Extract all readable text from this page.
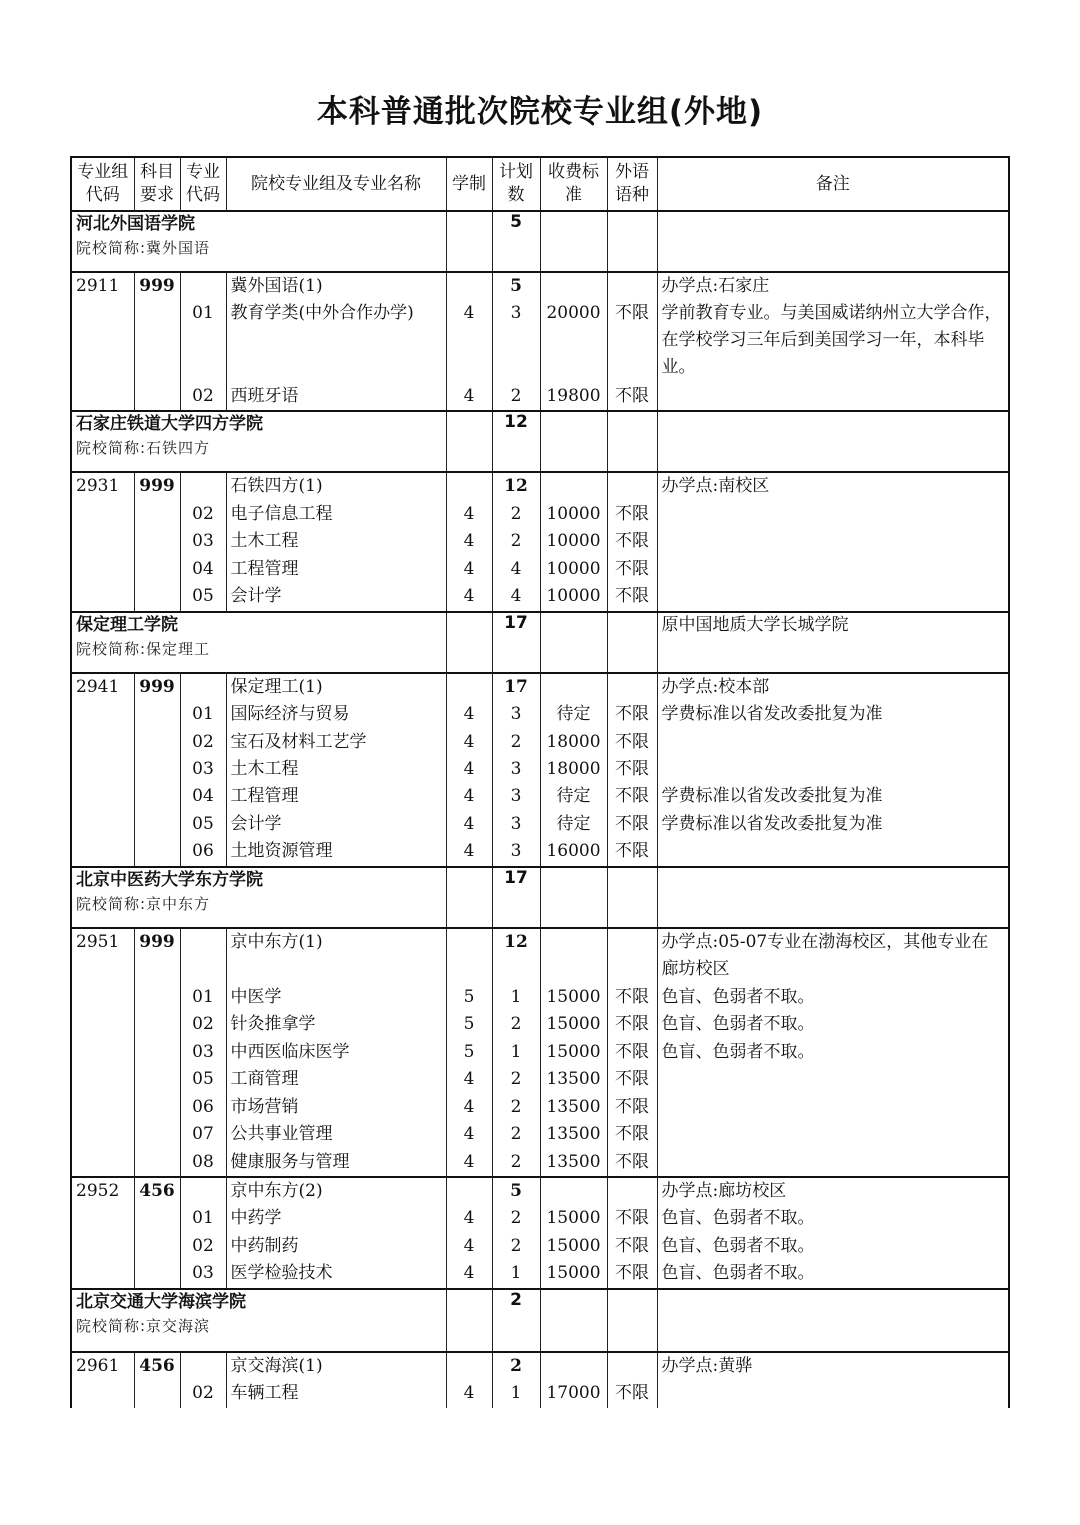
本科普通批次院校专业组(外地)
专业组代码	科目要求	专业代码	院校专业组及专业名称	学制	计划数	收费标准	外语语种	备注

河北外国语学院
院校简称:冀外国语					5			
2911	999		冀外国语(1)		5			办学点:石家庄
		01	教育学类(中外合作办学)	4	3	20000	不限	学前教育专业。与美国威诺纳州立大学合作，在学校学习三年后到美国学习一年，本科毕业。
		02	西班牙语	4	2	19800	不限	

石家庄铁道大学四方学院
院校简称:石铁四方					12			
2931	999		石铁四方(1)		12			办学点:南校区
		02	电子信息工程	4	2	10000	不限	
		03	土木工程	4	2	10000	不限	
		04	工程管理	4	4	10000	不限	
		05	会计学	4	4	10000	不限	

保定理工学院
院校简称:保定理工					17			原中国地质大学长城学院
2941	999		保定理工(1)		17			办学点:校本部
		01	国际经济与贸易	4	3	待定	不限	学费标准以省发改委批复为准
		02	宝石及材料工艺学	4	2	18000	不限	
		03	土木工程	4	3	18000	不限	
		04	工程管理	4	3	待定	不限	学费标准以省发改委批复为准
		05	会计学	4	3	待定	不限	学费标准以省发改委批复为准
		06	土地资源管理	4	3	16000	不限	

北京中医药大学东方学院
院校简称:京中东方					17			
2951	999		京中东方(1)		12			办学点:05-07专业在渤海校区，其他专业在廊坊校区
		01	中医学	5	1	15000	不限	色盲、色弱者不取。
		02	针灸推拿学	5	2	15000	不限	色盲、色弱者不取。
		03	中西医临床医学	5	1	15000	不限	色盲、色弱者不取。
		05	工商管理	4	2	13500	不限	
		06	市场营销	4	2	13500	不限	
		07	公共事业管理	4	2	13500	不限	
		08	健康服务与管理	4	2	13500	不限	
2952	456		京中东方(2)		5			办学点:廊坊校区
		01	中药学	4	2	15000	不限	色盲、色弱者不取。
		02	中药制药	4	2	15000	不限	色盲、色弱者不取。
		03	医学检验技术	4	1	15000	不限	色盲、色弱者不取。

北京交通大学海滨学院
院校简称:京交海滨					2			
2961	456		京交海滨(1)		2			办学点:黄骅
		02	车辆工程	4	1	17000	不限	
